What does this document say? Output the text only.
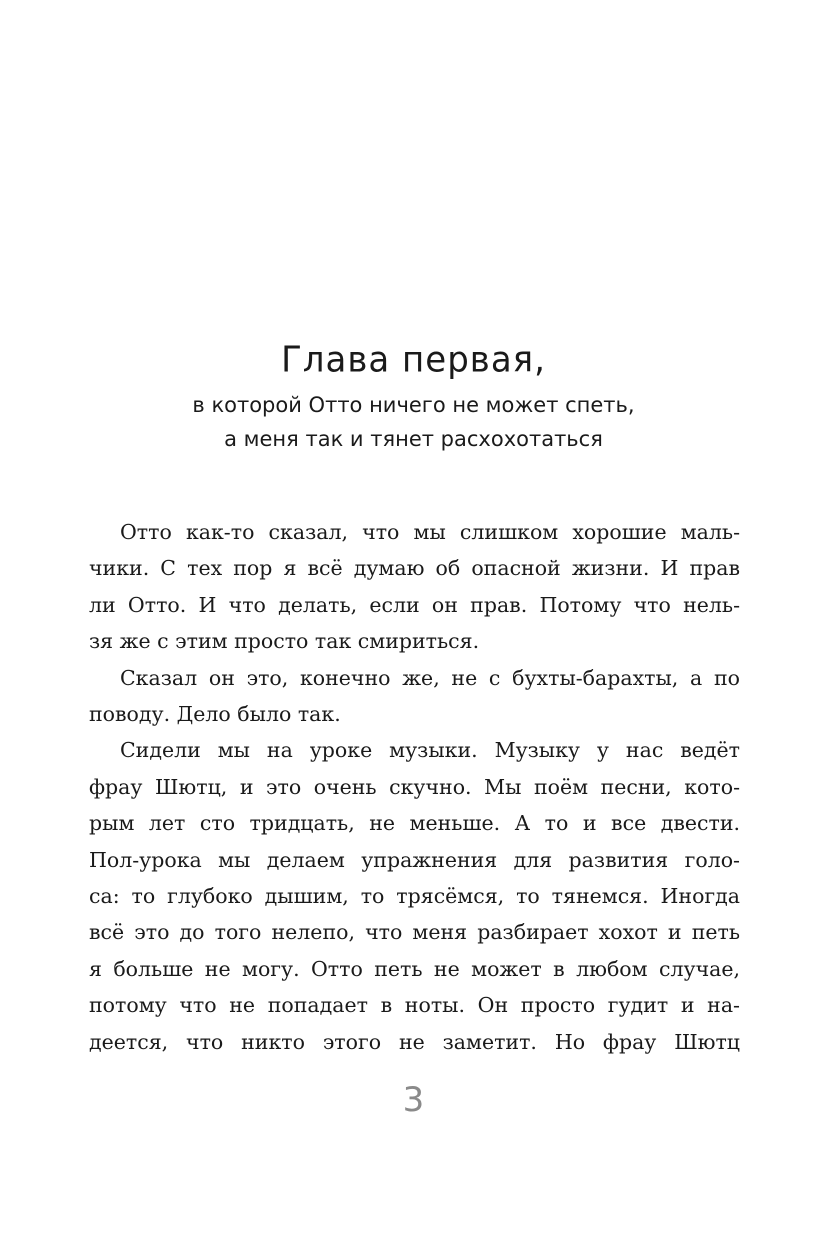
Глава первая,
в которой Отто ничего не может спеть,
а меня так и тянет расхохотаться
Отто как-то сказал, что мы слишком хорошие маль-
чики. С тех пор я всё думаю об опасной жизни. И прав
ли Отто. И что делать, если он прав. Потому что нель-
зя же с этим просто так смириться.
Сказал он это, конечно же, не с бухты-барахты, а по
поводу. Дело было так.
Сидели мы на уроке музыки. Музыку у нас ведёт
фрау Шютц, и это очень скучно. Мы поём песни, кото-
рым лет сто тридцать, не меньше. А то и все двести.
Пол-урока мы делаем упражнения для развития голо-
са: то глубоко дышим, то трясёмся, то тянемся. Иногда
всё это до того нелепо, что меня разбирает хохот и петь
я больше не могу. Отто петь не может в любом случае,
потому что не попадает в ноты. Он просто гудит и на-
деется, что никто этого не заметит. Но фрау Шютц
3
